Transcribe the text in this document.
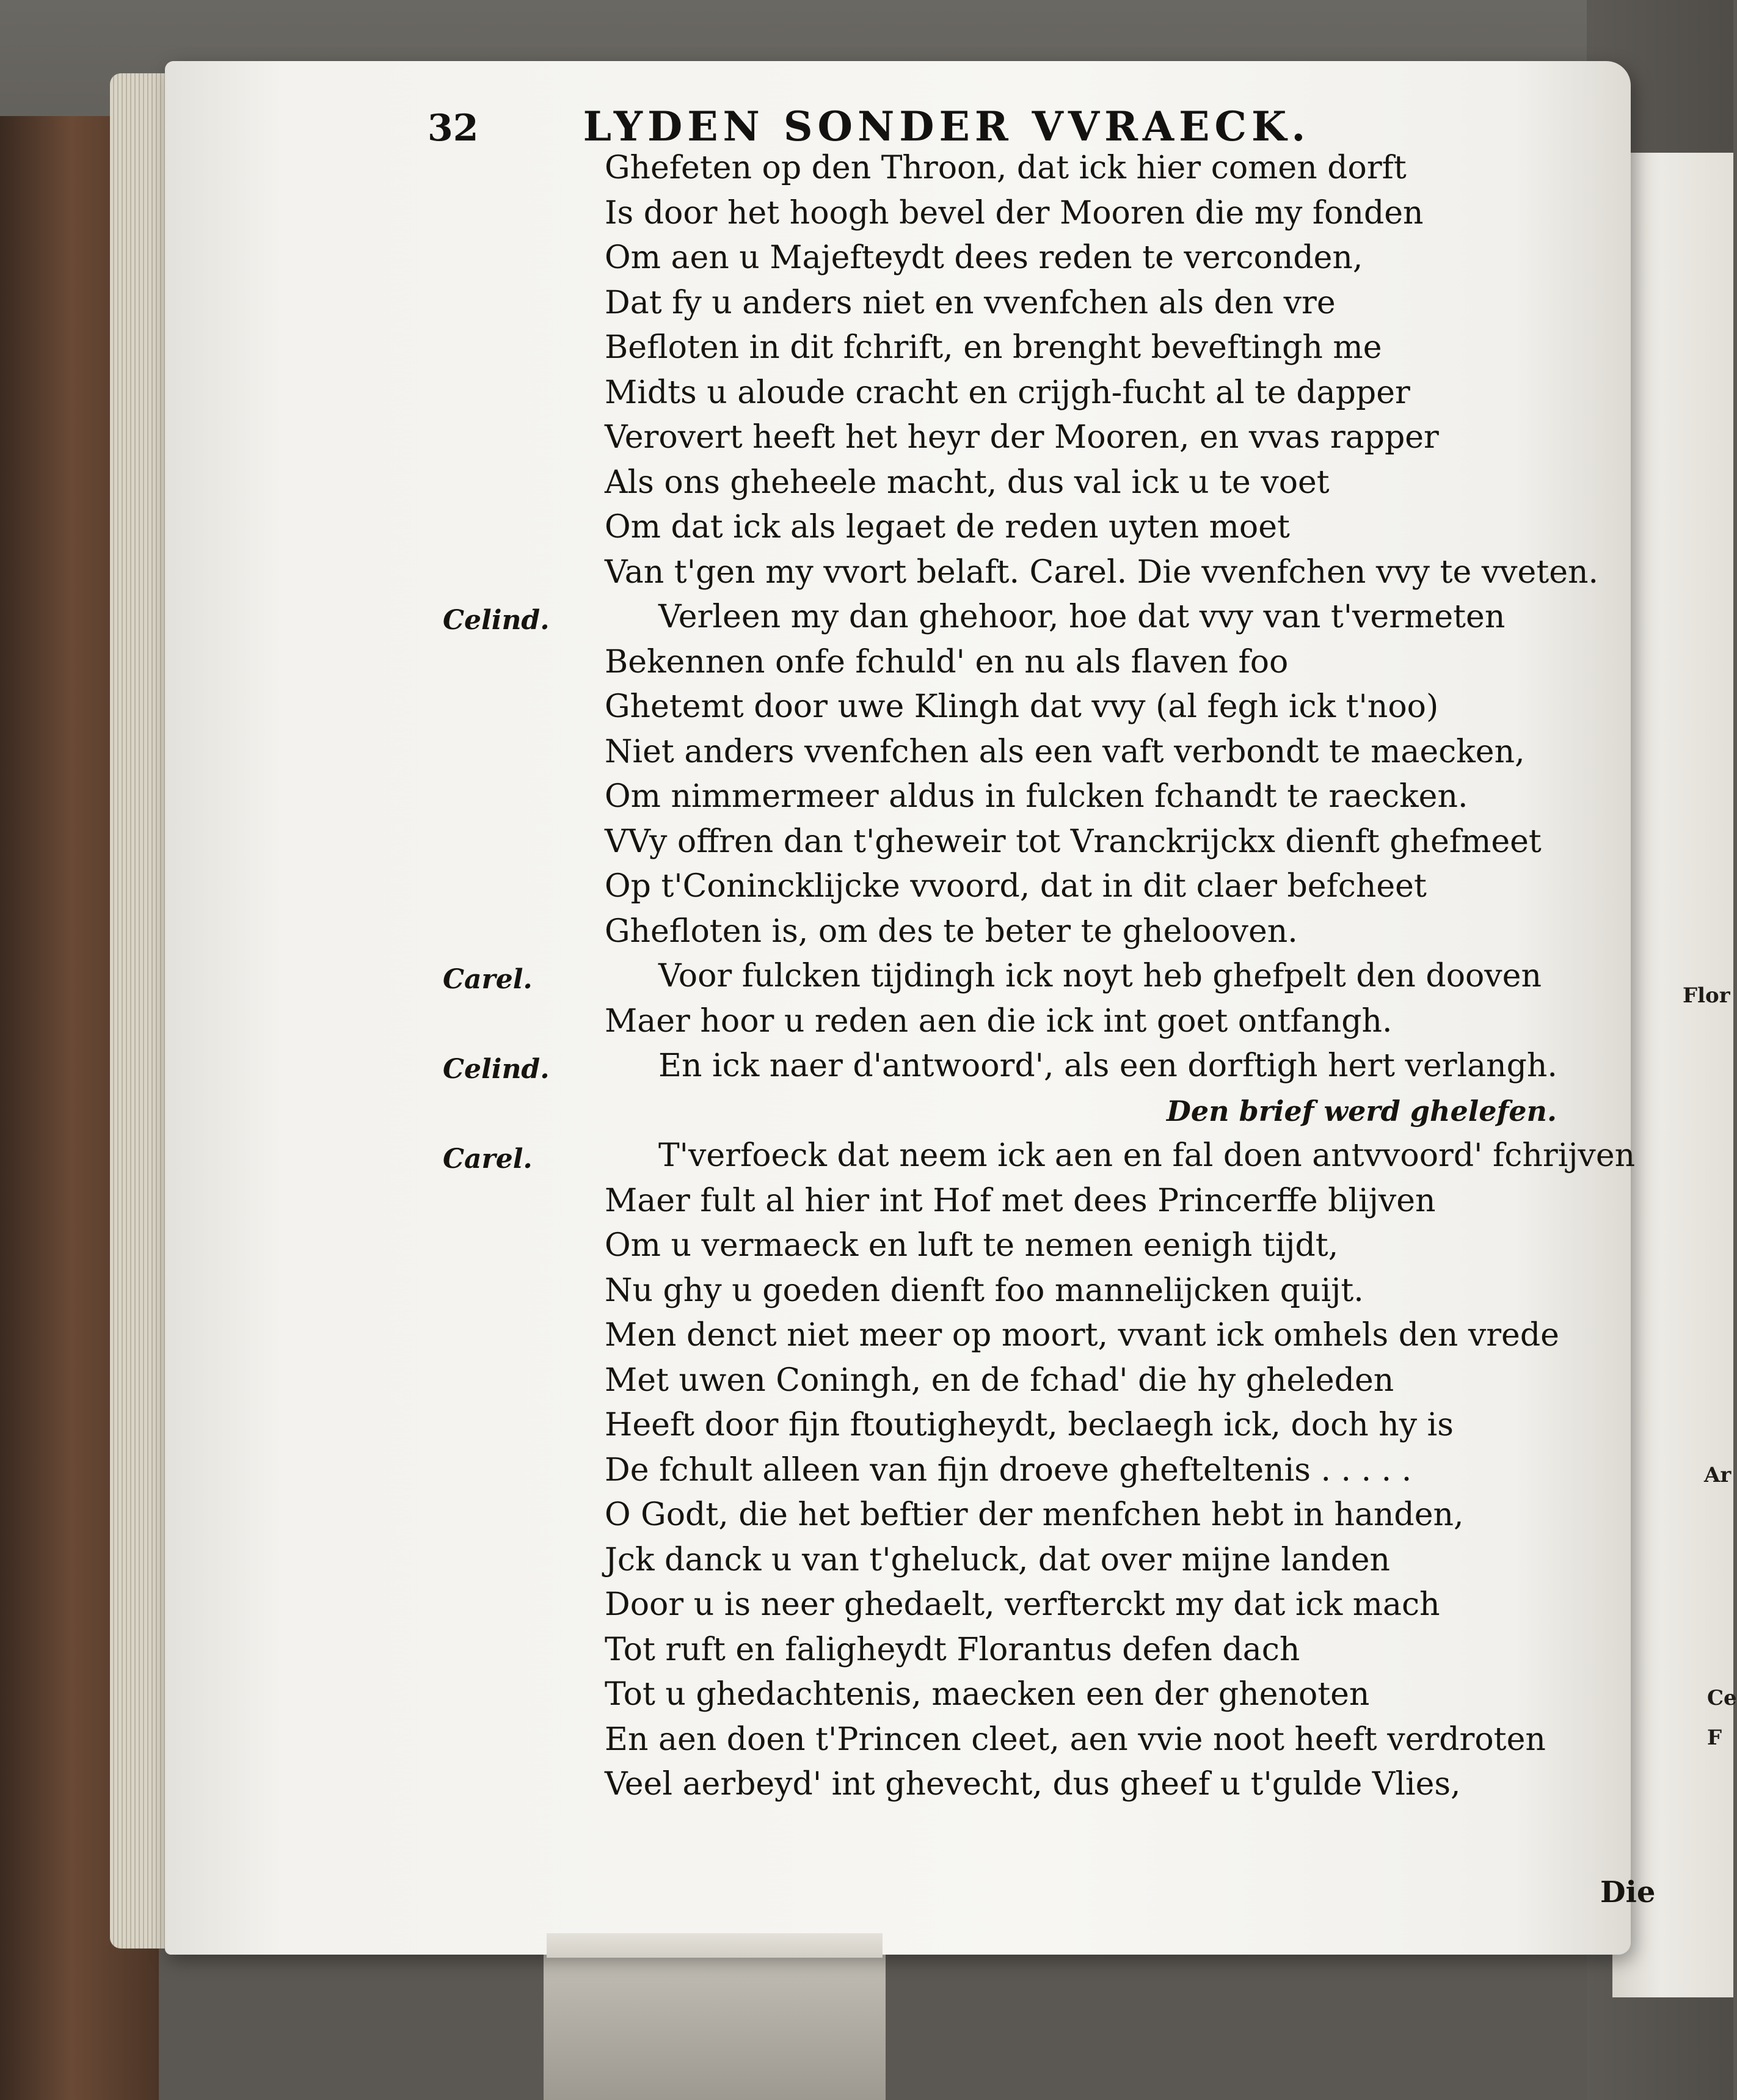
Flor
Ar
Ce
F
32	LYDEN SONDER VVRAECK.
Ghefeten op den Throon, dat ick hier comen dorft
Is door het hoogh bevel der Mooren die my fonden
Om aen u Majefteydt dees reden te verconden,
Dat fy u anders niet en vvenfchen als den vre
Befloten in dit fchrift, en brenght beveftingh me
Midts u aloude cracht en crijgh-fucht al te dapper
Verovert heeft het heyr der Mooren, en vvas rapper
Als ons gheheele macht, dus val ick u te voet
Om dat ick als legaet de reden uyten moet
Van t'gen my vvort belaft. Carel. Die vvenfchen vvy te vveten.
Celind.	Verleen my dan ghehoor, hoe dat vvy van t'vermeten
Bekennen onfe fchuld' en nu als flaven foo
Ghetemt door uwe Klingh dat vvy (al fegh ick t'noo)
Niet anders vvenfchen als een vaft verbondt te maecken,
Om nimmermeer aldus in fulcken fchandt te raecken.
VVy offren dan t'gheweir tot Vranckrijckx dienft ghefmeet
Op t'Coninckliјcke vvoord, dat in dit claer befcheet
Ghefloten is, om des te beter te ghelooven.
Carel.	Voor fulcken tijdingh ick noyt heb ghefpelt den dooven
Maer hoor u reden aen die ick int goet ontfangh.
Celind.	En ick naer d'antwoord', als een dorftigh hert verlangh.
Den brief werd ghelefen.
Carel.	T'verfoeck dat neem ick aen en fal doen antvvoord' fchrijven
Maer fult al hier int Hof met dees Princerffe blijven
Om u vermaeck en luft te nemen eenigh tijdt,
Nu ghy u goeden dienft foo mannelijcken quijt.
Men denct niet meer op moort, vvant ick omhels den vrede
Met uwen Coningh, en de fchad' die hy gheleden
Heeft door fijn ftoutigheydt, beclaegh ick, doch hy is
De fchult alleen van fijn droeve ghefteltenis . . . . .
O Godt, die het beftier der menfchen hebt in handen,
Jck danck u van t'gheluck, dat over mijne landen
Door u is neer ghedaelt, verfterckt my dat ick mach
Tot ruft en faligheydt Florantus defen dach
Tot u ghedachtenis, maecken een der ghenoten
En aen doen t'Princen cleet, aen vvie noot heeft verdroten
Veel aerbeyd' int ghevecht, dus gheef u t'gulde Vlies,
Die
